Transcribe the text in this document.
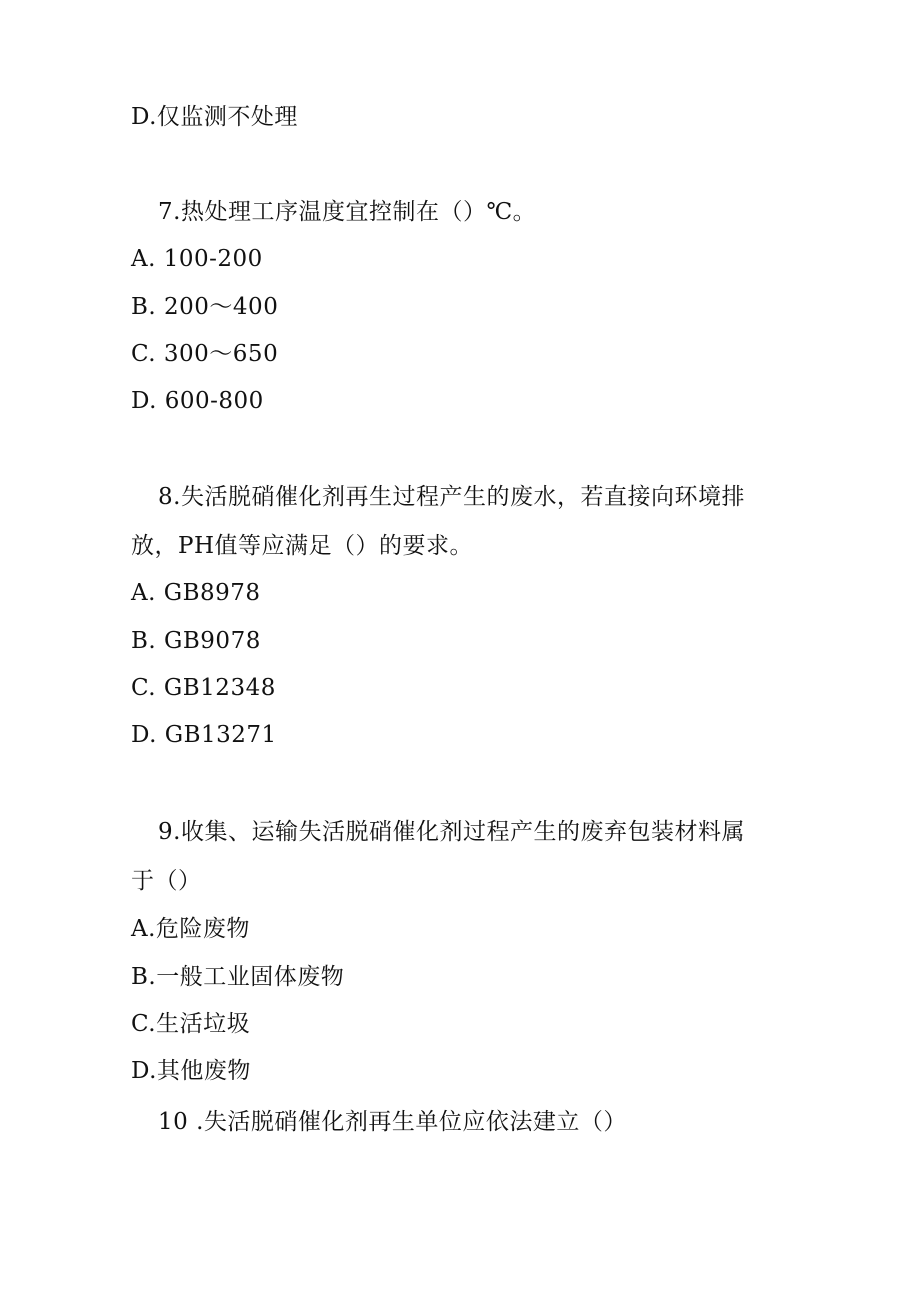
D.仅监测不处理
7.热处理工序温度宜控制在（）℃。
A. 100-200
B. 200～400
C. 300～650
D. 600-800
8.失活脱硝催化剂再生过程产生的废水，若直接向环境排
放，PH值等应满足（）的要求。
A. GB8978
B. GB9078
C. GB12348
D. GB13271
9.收集、运输失活脱硝催化剂过程产生的废弃包装材料属
于（）
A.危险废物
B.一般工业固体废物
C.生活垃圾
D.其他废物
10 .失活脱硝催化剂再生单位应依法建立（）
